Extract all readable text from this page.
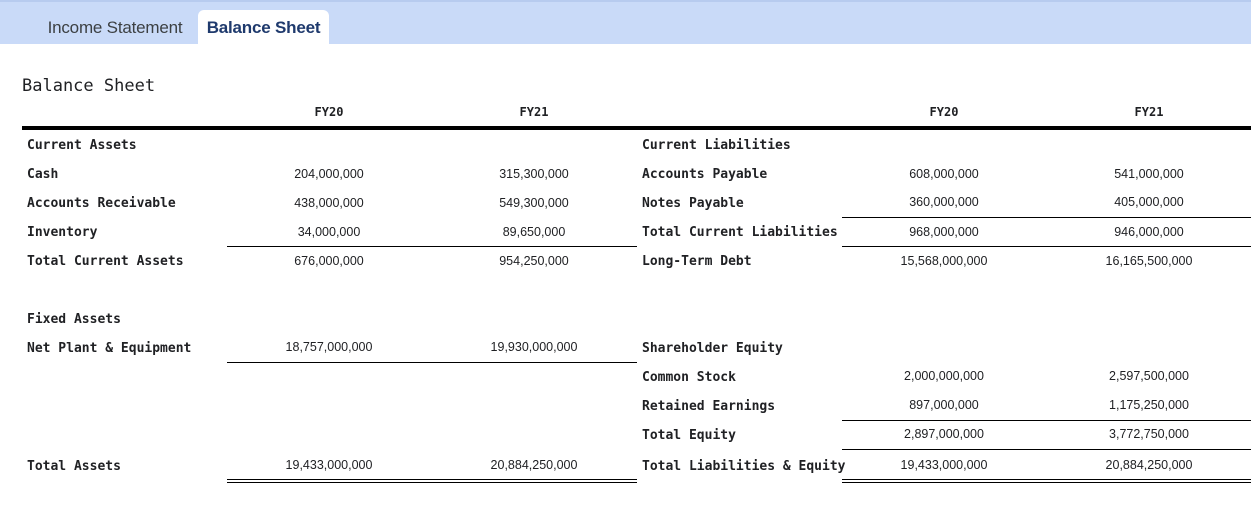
Income Statement	Balance Sheet
Balance Sheet
FY20	FY21	FY20	FY21
Current Assets
Cash	204,000,000	315,300,000
Accounts Receivable	438,000,000	549,300,000
Inventory	34,000,000	89,650,000
Total Current Assets	676,000,000	954,250,000
Fixed Assets
Net Plant & Equipment	18,757,000,000	19,930,000,000
Total Assets	19,433,000,000	20,884,250,000
Current Liabilities
Accounts Payable	608,000,000	541,000,000
Notes Payable	360,000,000	405,000,000
Total Current Liabilities	968,000,000	946,000,000
Long-Term Debt	15,568,000,000	16,165,500,000
Shareholder Equity
Common Stock	2,000,000,000	2,597,500,000
Retained Earnings	897,000,000	1,175,250,000
Total Equity	2,897,000,000	3,772,750,000
Total Liabilities & Equity	19,433,000,000	20,884,250,000
